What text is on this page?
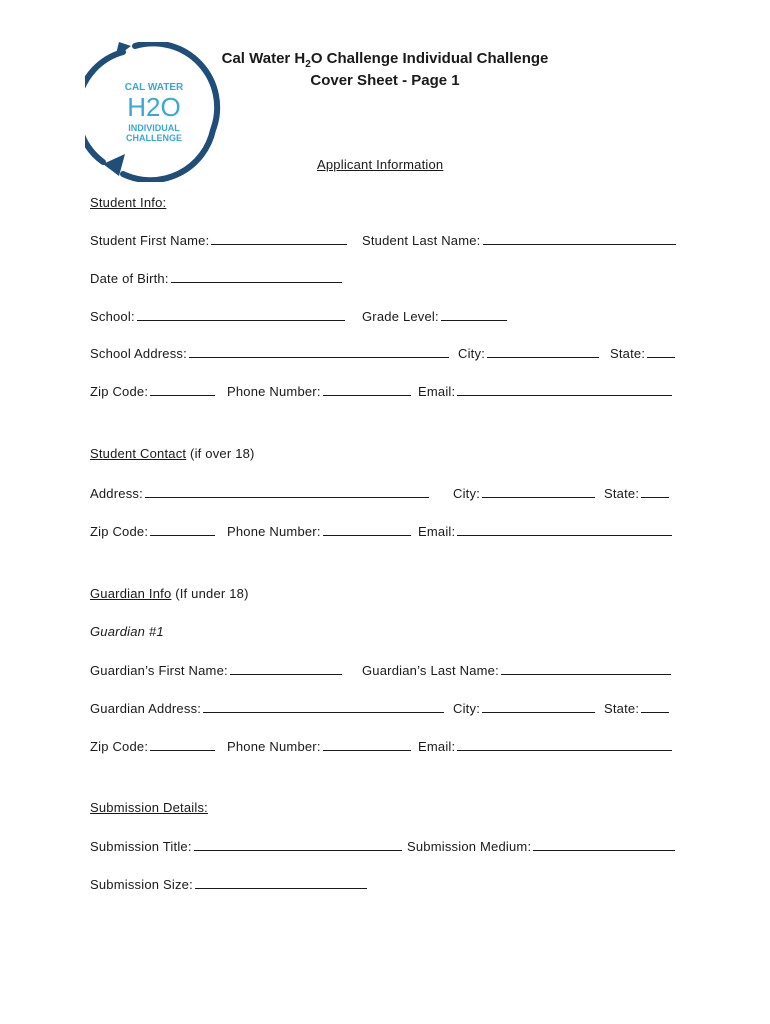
CAL WATER
H2O
INDIVIDUAL
CHALLENGE
Cal Water $H_2O$ Challenge Individual Challenge
Cover Sheet - Page 1
Applicant Information
Student Info:
Student First Name:	Student Last Name:
Date of Birth:
School:	Grade Level:
School Address:	City:	State:
Zip Code:	Phone Number:	Email:
Student Contact (if over 18)
Address:	City:	State:
Zip Code:	Phone Number:	Email:
Guardian Info (If under 18)
Guardian #1
Guardian’s First Name:	Guardian’s Last Name:
Guardian Address:	City:	State:
Zip Code:	Phone Number:	Email:
Submission Details:
Submission Title:	Submission Medium:
Submission Size:
